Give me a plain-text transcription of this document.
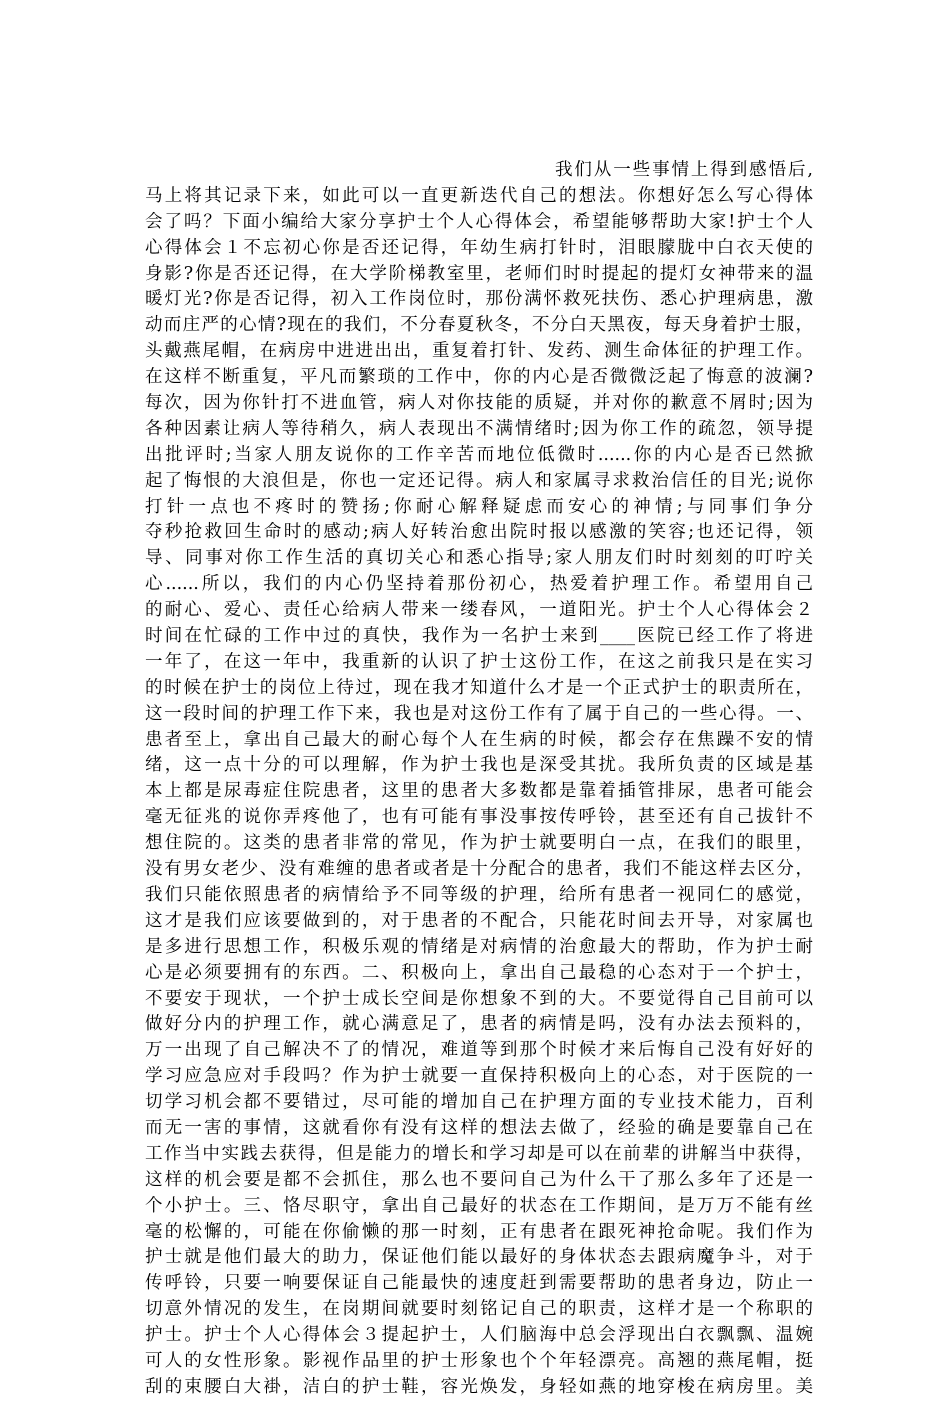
我们从一些事情上得到感悟后,
马上将其记录下来，如此可以一直更新迭代自己的想法。你想好怎么写心得体
会了吗？下面小编给大家分享护士个人心得体会，希望能够帮助大家!护士个人
心得体会１不忘初心你是否还记得，年幼生病打针时，泪眼朦胧中白衣天使的
身影?你是否还记得，在大学阶梯教室里，老师们时时提起的提灯女神带来的温
暖灯光?你是否记得，初入工作岗位时，那份满怀救死扶伤、悉心护理病患，激
动而庄严的心情?现在的我们，不分春夏秋冬，不分白天黑夜，每天身着护士服，
头戴燕尾帽，在病房中进进出出，重复着打针、发药、测生命体征的护理工作。
在这样不断重复，平凡而繁琐的工作中，你的内心是否微微泛起了悔意的波澜?
每次，因为你针打不进血管，病人对你技能的质疑，并对你的歉意不屑时;因为
各种因素让病人等待稍久，病人表现出不满情绪时;因为你工作的疏忽，领导提
出批评时;当家人朋友说你的工作辛苦而地位低微时......你的内心是否已然掀
起了悔恨的大浪但是，你也一定还记得。病人和家属寻求救治信任的目光;说你
打针一点也不疼时的赞扬;你耐心解释疑虑而安心的神情;与同事们争分
夺秒抢救回生命时的感动;病人好转治愈出院时报以感激的笑容;也还记得，领
导、同事对你工作生活的真切关心和悉心指导;家人朋友们时时刻刻的叮咛关
心......所以，我们的内心仍坚持着那份初心，热爱着护理工作。希望用自己
的耐心、爱心、责任心给病人带来一缕春风，一道阳光。护士个人心得体会２
时间在忙碌的工作中过的真快，我作为一名护士来到____医院已经工作了将进
一年了，在这一年中，我重新的认识了护士这份工作，在这之前我只是在实习
的时候在护士的岗位上待过，现在我才知道什么才是一个正式护士的职责所在，
这一段时间的护理工作下来，我也是对这份工作有了属于自己的一些心得。一、
患者至上，拿出自己最大的耐心每个人在生病的时候，都会存在焦躁不安的情
绪，这一点十分的可以理解，作为护士我也是深受其扰。我所负责的区域是基
本上都是尿毒症住院患者，这里的患者大多数都是靠着插管排尿，患者可能会
毫无征兆的说你弄疼他了，也有可能有事没事按传呼铃，甚至还有自己拔针不
想住院的。这类的患者非常的常见，作为护士就要明白一点，在我们的眼里，
没有男女老少、没有难缠的患者或者是十分配合的患者，我们不能这样去区分，
我们只能依照患者的病情给予不同等级的护理，给所有患者一视同仁的感觉，
这才是我们应该要做到的，对于患者的不配合，只能花时间去开导，对家属也
是多进行思想工作，积极乐观的情绪是对病情的治愈最大的帮助，作为护士耐
心是必须要拥有的东西。二、积极向上，拿出自己最稳的心态对于一个护士，
不要安于现状，一个护士成长空间是你想象不到的大。不要觉得自己目前可以
做好分内的护理工作，就心满意足了，患者的病情是吗，没有办法去预料的，
万一出现了自己解决不了的情况，难道等到那个时候才来后悔自己没有好好的
学习应急应对手段吗？作为护士就要一直保持积极向上的心态，对于医院的一
切学习机会都不要错过，尽可能的增加自己在护理方面的专业技术能力，百利
而无一害的事情，这就看你有没有这样的想法去做了，经验的确是要靠自己在
工作当中实践去获得，但是能力的增长和学习却是可以在前辈的讲解当中获得，
这样的机会要是都不会抓住，那么也不要问自己为什么干了那么多年了还是一
个小护士。三、恪尽职守，拿出自己最好的状态在工作期间，是万万不能有丝
毫的松懈的，可能在你偷懒的那一时刻，正有患者在跟死神抢命呢。我们作为
护士就是他们最大的助力，保证他们能以最好的身体状态去跟病魔争斗，对于
传呼铃，只要一响要保证自己能最快的速度赶到需要帮助的患者身边，防止一
切意外情况的发生，在岗期间就要时刻铭记自己的职责，这样才是一个称职的
护士。护士个人心得体会３提起护士，人们脑海中总会浮现出白衣飘飘、温婉
可人的女性形象。影视作品里的护士形象也个个年轻漂亮。高翘的燕尾帽，挺
刮的束腰白大褂，洁白的护士鞋，容光焕发，身轻如燕的地穿梭在病房里。美
